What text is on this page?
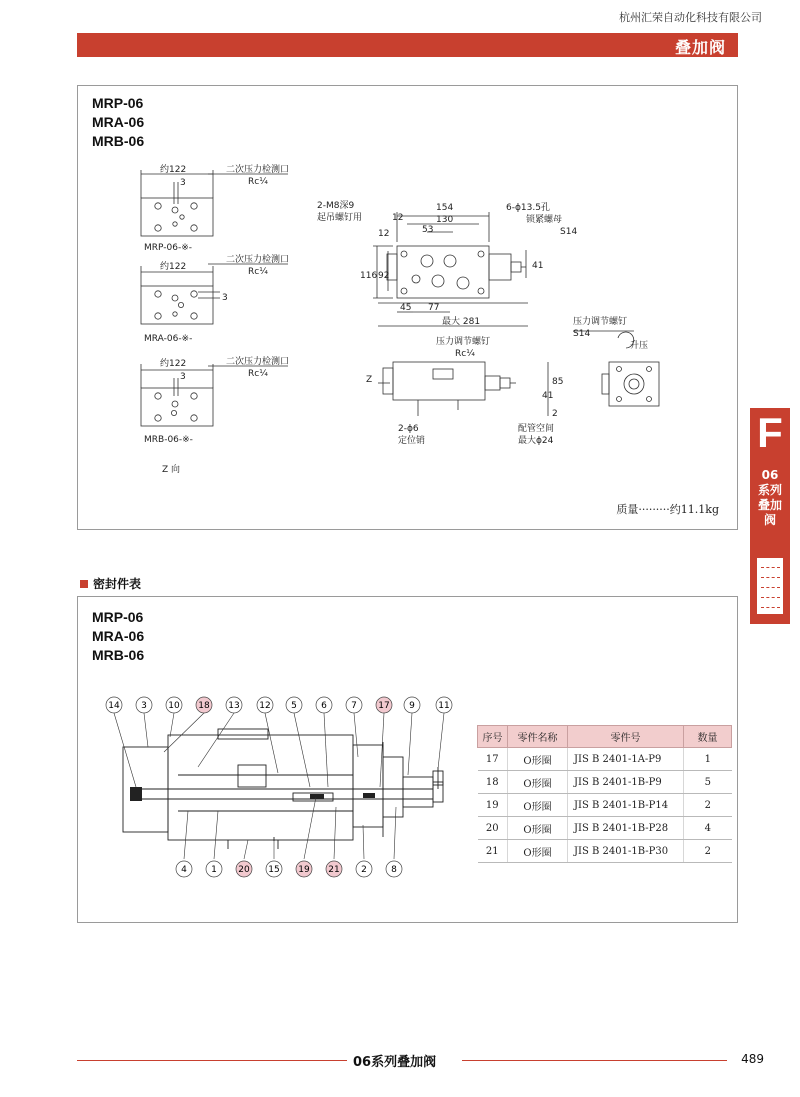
杭州汇荣自动化科技有限公司
叠加阀
MRP-06
MRA-06
MRB-06
约122
3
二次压力检测口
Rc¼
MRP-06-※-
约122
3
二次压力检测口
Rc¼
MRA-06-※-
约122
3
二次压力检测口
Rc¼
MRB-06-※-
Z 向
2-M8深9
起吊螺钉用
154
130
12
53
6-ϕ13.5孔
锁紧螺母
S14
12
116 92
41
45 77
最大 281
压力调节螺钉
Rc¼
Z	85
41
2
2-ϕ6
定位销
配管空间
最大ϕ24
压力调节螺钉
S14
升压
质量·········约11.1kg
密封件表
MRP-06
MRA-06
MRB-06
14 3 10 18 13 12 5	6	7 17 9	11
4	1 20 15 19 21 2	8
序号	零件名称	零件号	数量
17	O形圈	JIS B 2401-1A-P9	1
18	O形圈	JIS B 2401-1B-P9	5
19	O形圈	JIS B 2401-1B-P14	2
20	O形圈	JIS B 2401-1B-P28	4
21	O形圈	JIS B 2401-1B-P30	2
F
06
系列
叠加
阀
06系列叠加阀	489
